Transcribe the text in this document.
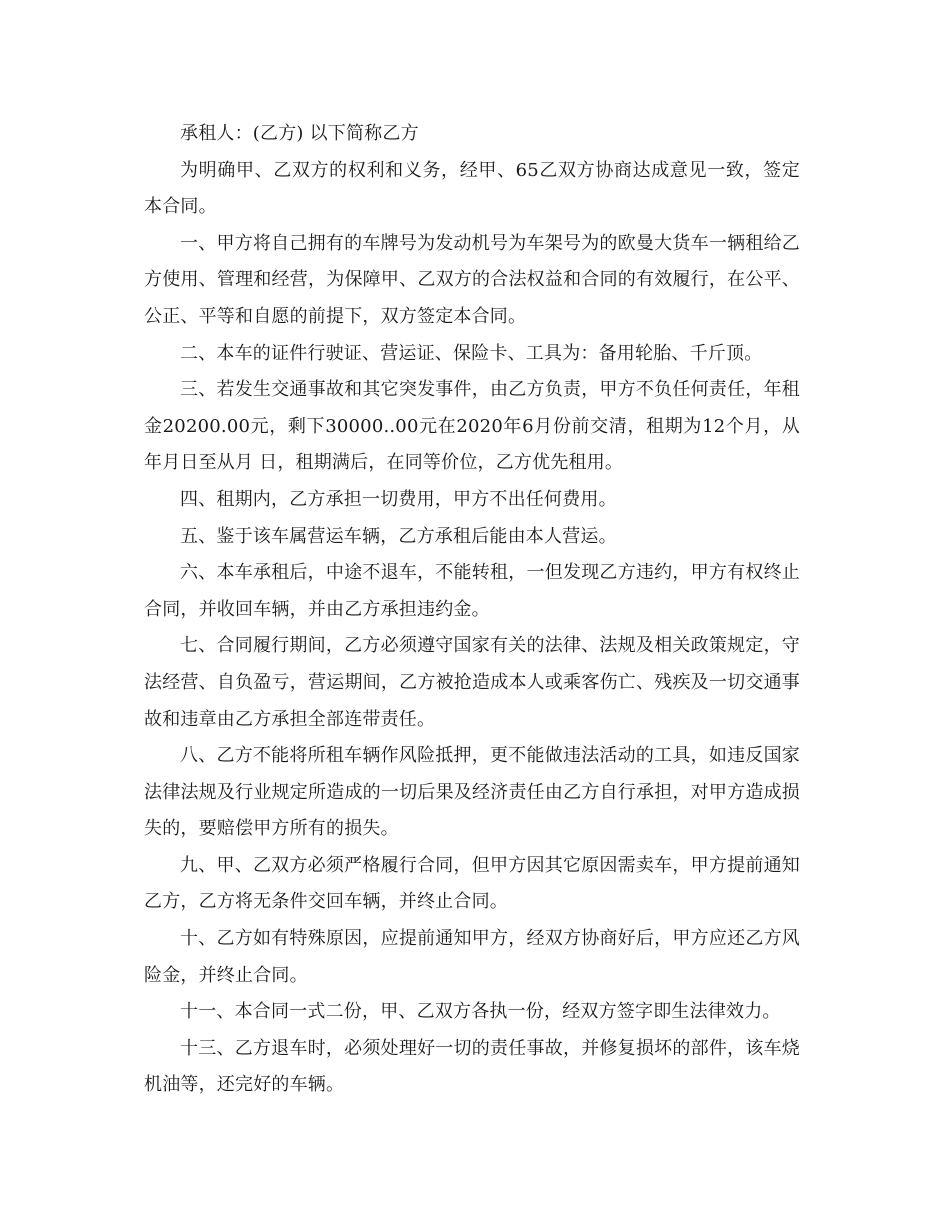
承租人：(乙方) 以下简称乙方

为明确甲、乙双方的权利和义务，经甲、65乙双方协商达成意见一致，签定本合同。

一、甲方将自己拥有的车牌号为发动机号为车架号为的欧曼大货车一辆租给乙方使用、管理和经营，为保障甲、乙双方的合法权益和合同的有效履行，在公平、公正、平等和自愿的前提下，双方签定本合同。

二、本车的证件行驶证、营运证、保险卡、工具为：备用轮胎、千斤顶。

三、若发生交通事故和其它突发事件，由乙方负责，甲方不负任何责任，年租金20200.00元，剩下30000..00元在2020年6月份前交清，租期为12个月，从年月日至从月 日，租期满后，在同等价位，乙方优先租用。

四、租期内，乙方承担一切费用，甲方不出任何费用。

五、鉴于该车属营运车辆，乙方承租后能由本人营运。

六、本车承租后，中途不退车，不能转租，一但发现乙方违约，甲方有权终止合同，并收回车辆，并由乙方承担违约金。

七、合同履行期间，乙方必须遵守国家有关的法律、法规及相关政策规定，守法经营、自负盈亏，营运期间，乙方被抢造成本人或乘客伤亡、残疾及一切交通事故和违章由乙方承担全部连带责任。

八、乙方不能将所租车辆作风险抵押，更不能做违法活动的工具，如违反国家法律法规及行业规定所造成的一切后果及经济责任由乙方自行承担，对甲方造成损失的，要赔偿甲方所有的损失。

九、甲、乙双方必须严格履行合同，但甲方因其它原因需卖车，甲方提前通知乙方，乙方将无条件交回车辆，并终止合同。

十、乙方如有特殊原因，应提前通知甲方，经双方协商好后，甲方应还乙方风险金，并终止合同。

十一、本合同一式二份，甲、乙双方各执一份，经双方签字即生法律效力。

十三、乙方退车时，必须处理好一切的责任事故，并修复损坏的部件，该车烧机油等，还完好的车辆。
